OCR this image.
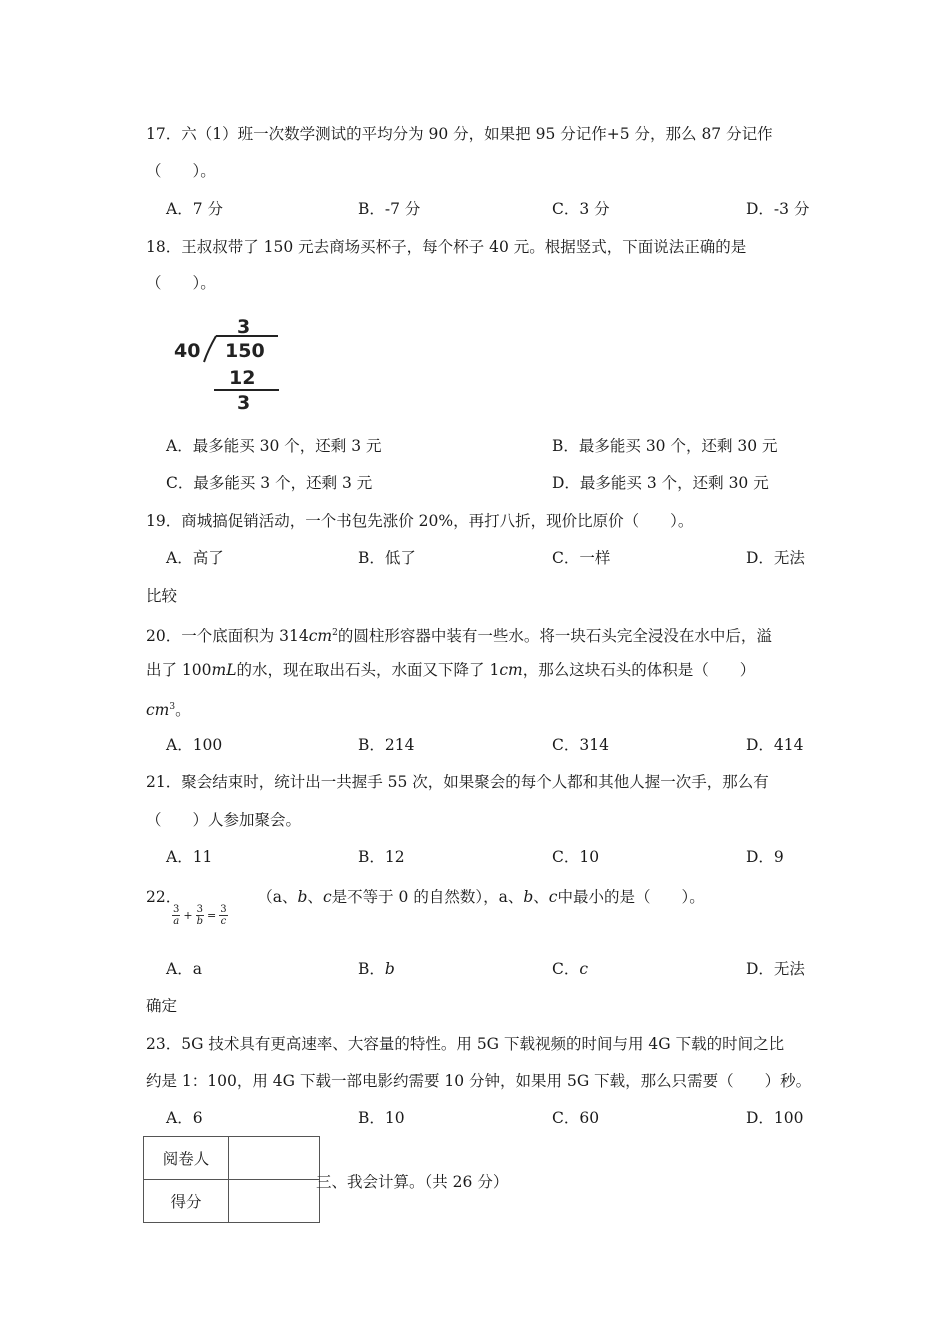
17．六（1）班一次数学测试的平均分为 90 分，如果把 95 分记作+5 分，那么 87 分记作
（　　）。
A．7 分	B．-7 分	C．3 分	D．-3 分
18．王叔叔带了 150 元去商场买杯子，每个杯子 40 元。根据竖式，下面说法正确的是
（　　）。
3
40 150
12
3
A．最多能买 30 个，还剩 3 元	B．最多能买 30 个，还剩 30 元
C．最多能买 3 个，还剩 3 元	D．最多能买 3 个，还剩 30 元
19．商城搞促销活动，一个书包先涨价 20%，再打八折，现价比原价（　　）。
A．高了	B．低了	C．一样	D．无法
比较
20．一个底面积为 $314cm^2$的圆柱形容器中装有一些水。将一块石头完全浸没在水中后，溢
出了 100mL的水，现在取出石头，水面又下降了 1cm，那么这块石头的体积是（　　）
$cm^3$。
A．100	B．214	C．314	D．414
21．聚会结束时，统计出一共握手 55 次，如果聚会的每个人都和其他人握一次手，那么有
（　　）人参加聚会。
A．11	B．12	C．10	D．9
22．	（a、b、c是不等于 0 的自然数），a、b、c中最小的是（　　）。
$\frac{3}{a} + \frac{3}{b} = \frac{3}{c}$
A．a	B．b	C．c	D．无法
确定
23．5G 技术具有更高速率、大容量的特性。用 5G 下载视频的时间与用 4G 下载的时间之比
约是 1：100，用 4G 下载一部电影约需要 10 分钟，如果用 5G 下载，那么只需要（　　）秒。
A．6	B．10	C．60	D．100
阅卷人	
得分	
三、我会计算。（共 26 分）
